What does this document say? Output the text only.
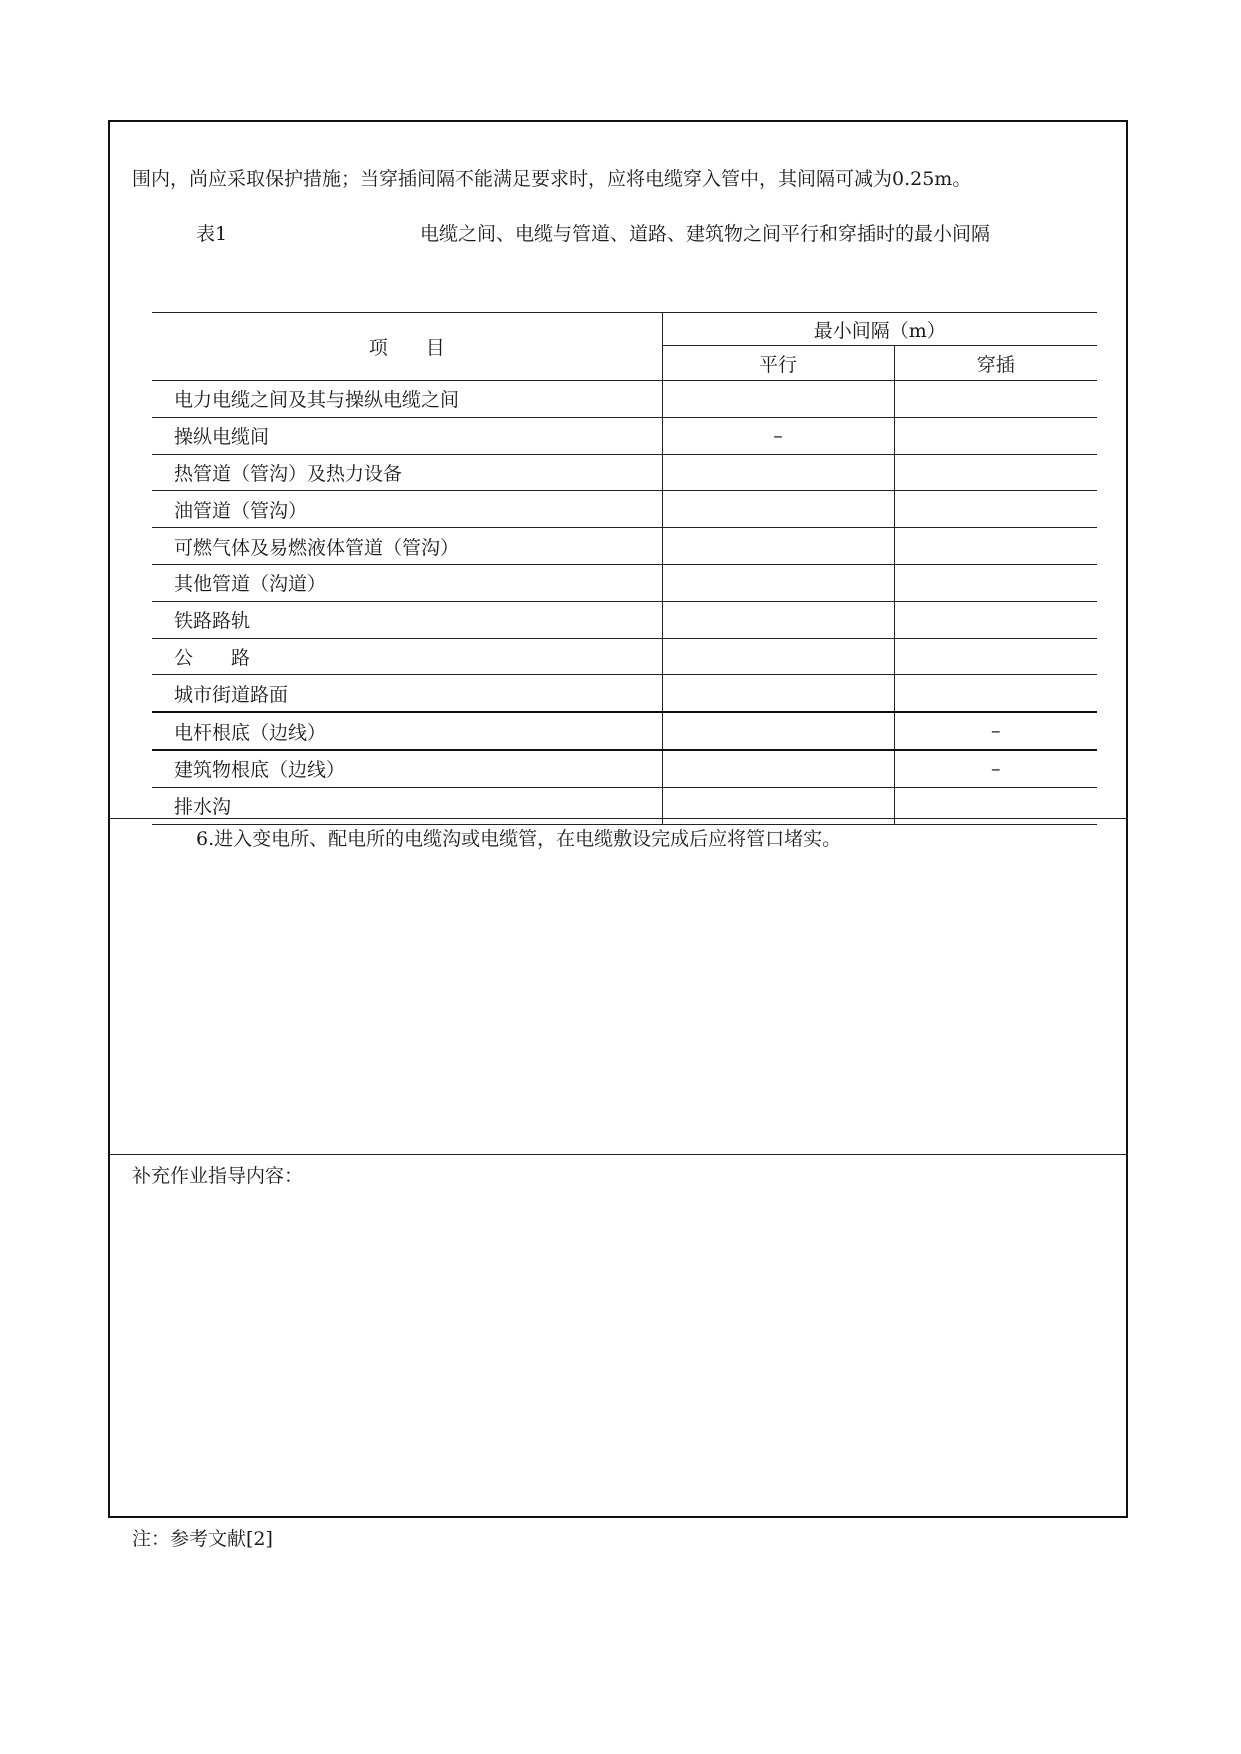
围内，尚应采取保护措施；当穿插间隔不能满足要求时，应将电缆穿入管中，其间隔可减为0.25m。
表1	电缆之间、电缆与管道、道路、建筑物之间平行和穿插时的最小间隔
项　　目	最小间隔（m）	
	平行	穿插
电力电缆之间及其与操纵电缆之间		
操纵电缆间	–	
热管道（管沟）及热力设备		
油管道（管沟）		
可燃气体及易燃液体管道（管沟）		
其他管道（沟道）		
铁路路轨		
公　　路		
城市街道路面		
电杆根底（边线）		–
建筑物根底（边线）		–
排水沟		
6.进入变电所、配电所的电缆沟或电缆管，在电缆敷设完成后应将管口堵实。
补充作业指导内容：
注：参考文献[2]
